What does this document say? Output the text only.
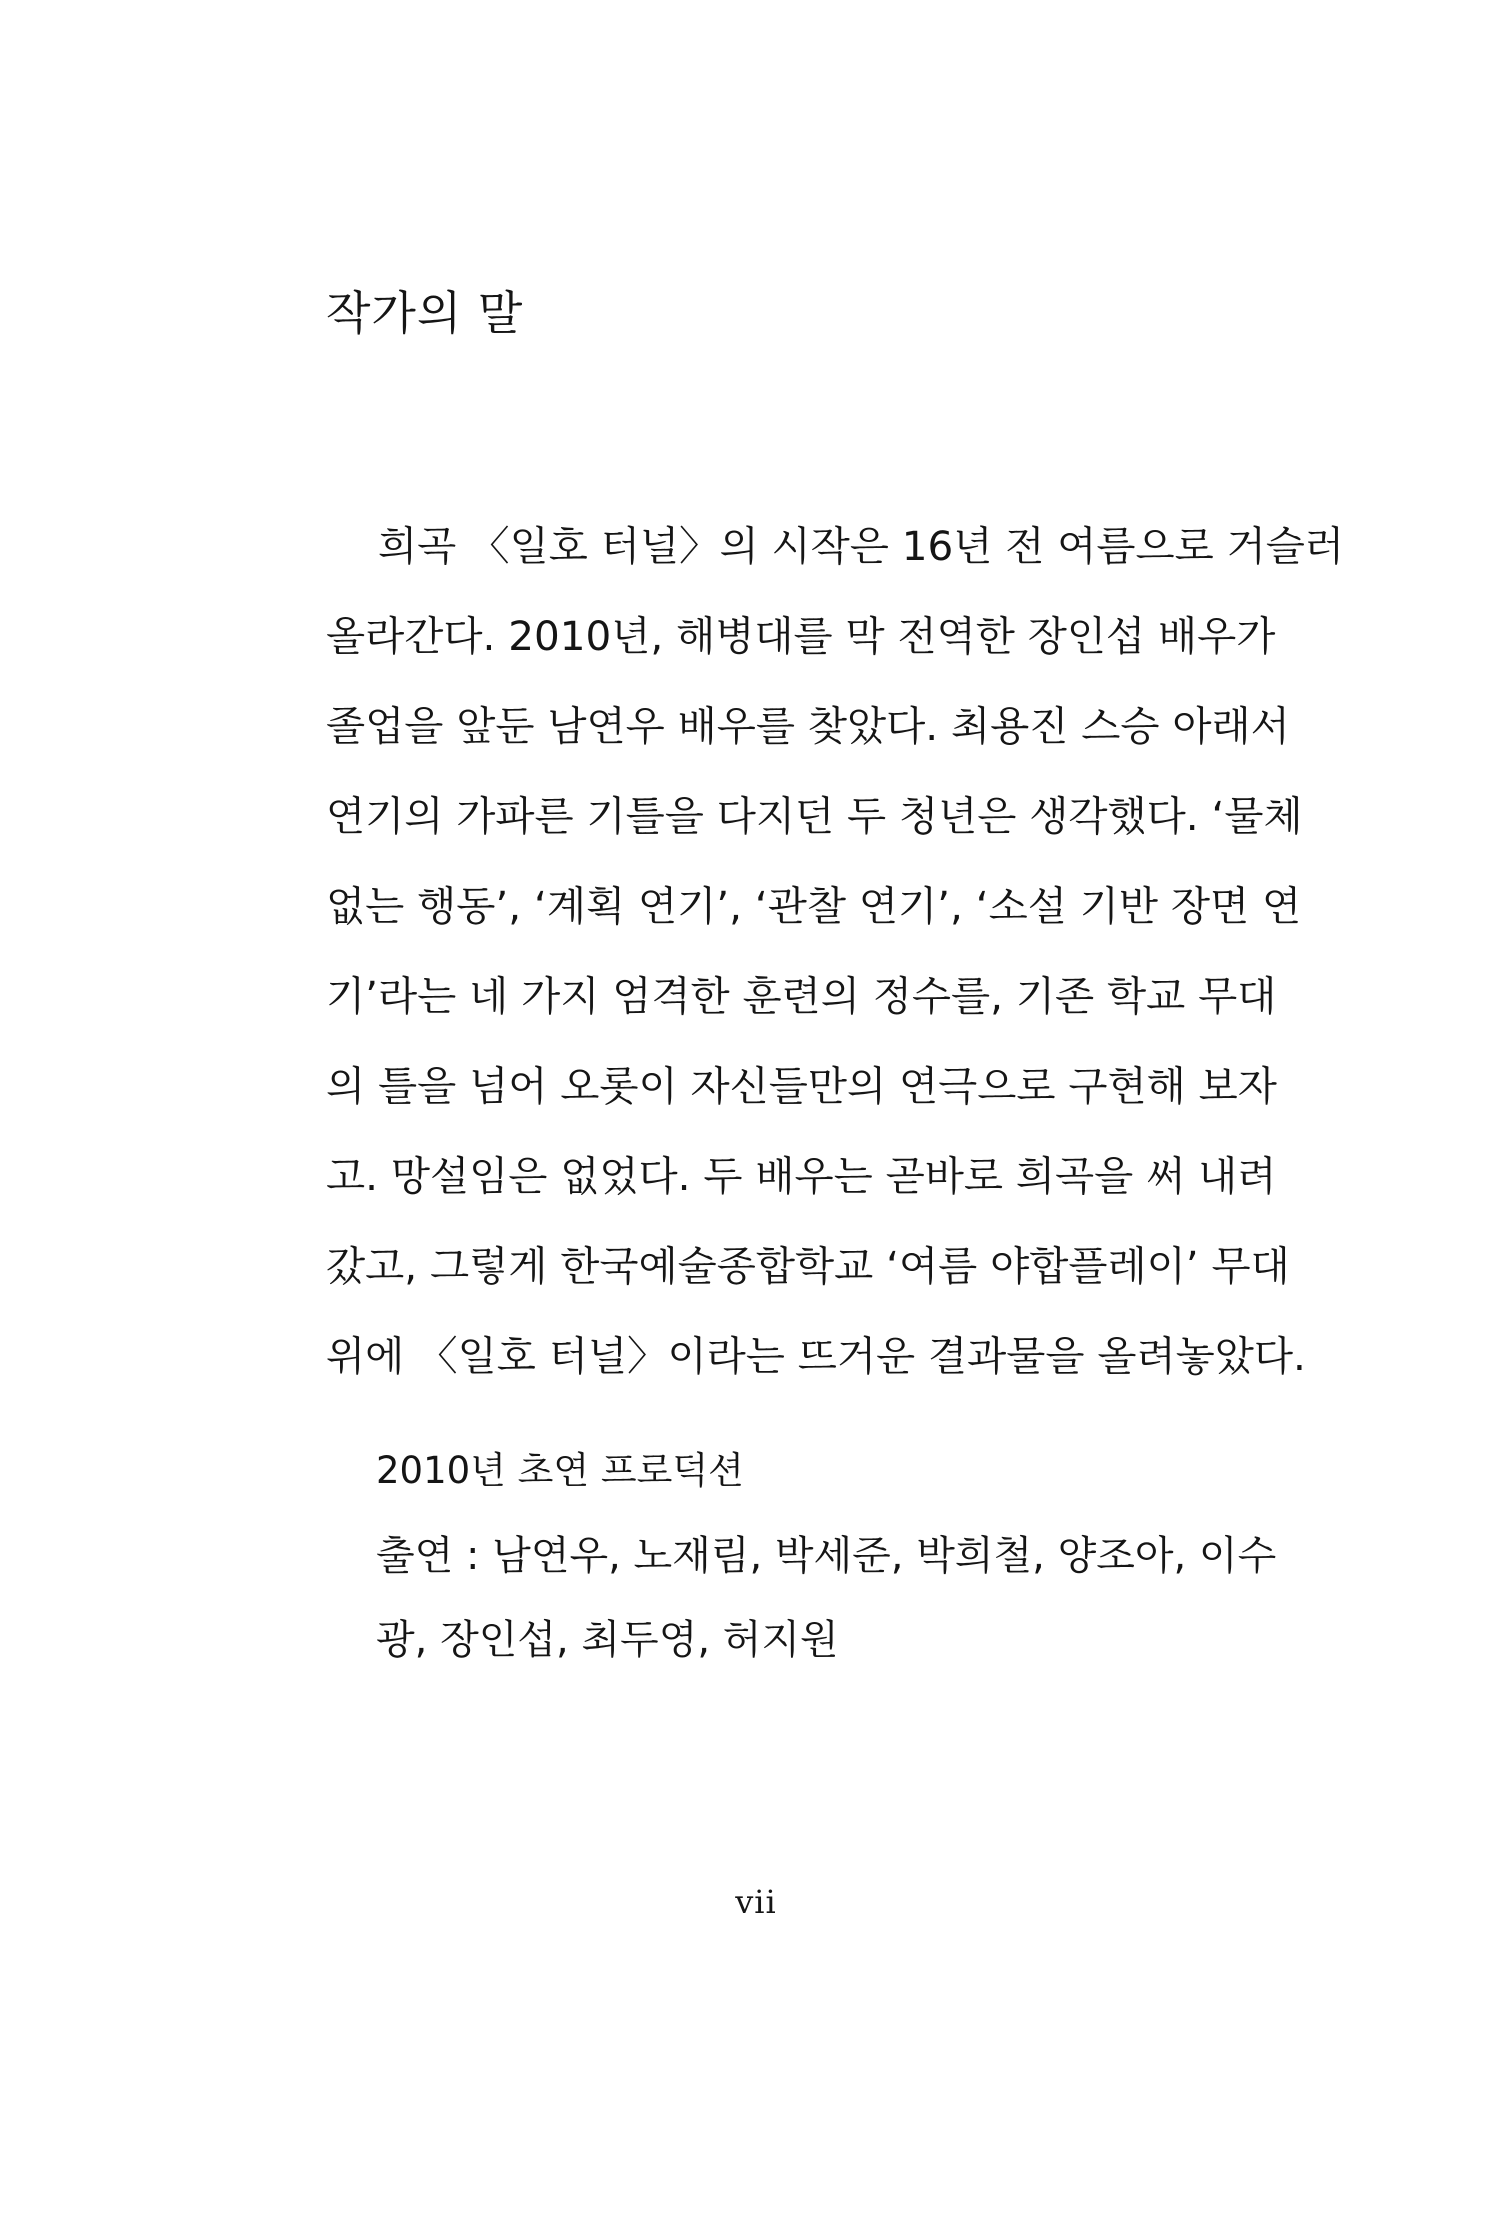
작가의 말
희곡 〈일호 터널〉의 시작은 16년 전 여름으로 거슬러
올라간다. 2010년, 해병대를 막 전역한 장인섭 배우가
졸업을 앞둔 남연우 배우를 찾았다. 최용진 스승 아래서
연기의 가파른 기틀을 다지던 두 청년은 생각했다. ‘물체
없는 행동’, ‘계획 연기’, ‘관찰 연기’, ‘소설 기반 장면 연
기’라는 네 가지 엄격한 훈련의 정수를, 기존 학교 무대
의 틀을 넘어 오롯이 자신들만의 연극으로 구현해 보자
고. 망설임은 없었다. 두 배우는 곧바로 희곡을 써 내려
갔고, 그렇게 한국예술종합학교 ‘여름 야합플레이’ 무대
2010년 초연 프로덕션
출연 : 남연우, 노재림, 박세준, 박희철, 양조아, 이수
광, 장인섭, 최두영, 허지원
vii
위에 〈일호 터널〉이라는 뜨거운 결과물을 올려놓았다.
